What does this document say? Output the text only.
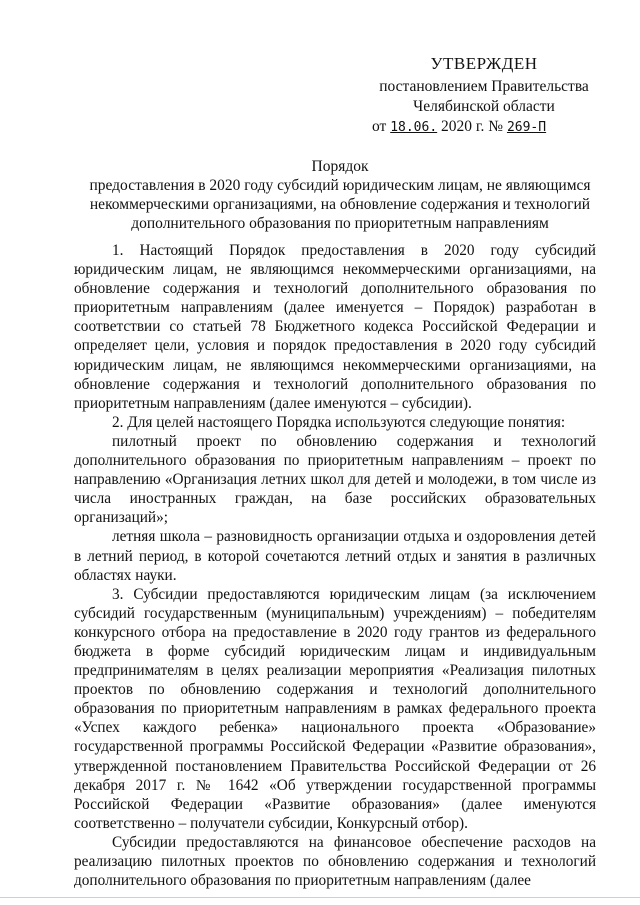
УТВЕРЖДЕН
постановлением Правительства
Челябинской области
от 18.06. 2020 г. № 269-П
Порядок
предоставления в 2020 году субсидий юридическим лицам, не являющимся
некоммерческими организациями, на обновление содержания и технологий
дополнительного образования по приоритетным направлениям

1. Настоящий Порядок предоставления в 2020 году субсидий юридическим лицам, не являющимся некоммерческими организациями, на обновление содержания и технологий дополнительного образования по приоритетным направлениям (далее именуется – Порядок) разработан в соответствии со статьей 78 Бюджетного кодекса Российской Федерации и определяет цели, условия и порядок предоставления в 2020 году субсидий юридическим лицам, не являющимся некоммерческими организациями, на обновление содержания и технологий дополнительного образования по приоритетным направлениям (далее именуются – субсидии).

2. Для целей настоящего Порядка используются следующие понятия:

пилотный проект по обновлению содержания и технологий дополнительного образования по приоритетным направлениям – проект по направлению «Организация летних школ для детей и молодежи, в том числе из числа иностранных граждан, на базе российских образовательных организаций»;

летняя школа – разновидность организации отдыха и оздоровления детей в летний период, в которой сочетаются летний отдых и занятия в различных областях науки.

3. Субсидии предоставляются юридическим лицам (за исключением субсидий государственным (муниципальным) учреждениям) – победителям конкурсного отбора на предоставление в 2020 году грантов из федерального бюджета в форме субсидий юридическим лицам и индивидуальным предпринимателям в целях реализации мероприятия «Реализация пилотных проектов по обновлению содержания и технологий дополнительного образования по приоритетным направлениям в рамках федерального проекта «Успех каждого ребенка» национального проекта «Образование» государственной программы Российской Федерации «Развитие образования», утвержденной постановлением Правительства Российской Федерации от 26 декабря 2017 г. № 1642 «Об утверждении государственной программы Российской Федерации «Развитие образования» (далее именуются соответственно – получатели субсидии, Конкурсный отбор).

Субсидии предоставляются на финансовое обеспечение расходов на реализацию пилотных проектов по обновлению содержания и технологий дополнительного образования по приоритетным направлениям (далее
